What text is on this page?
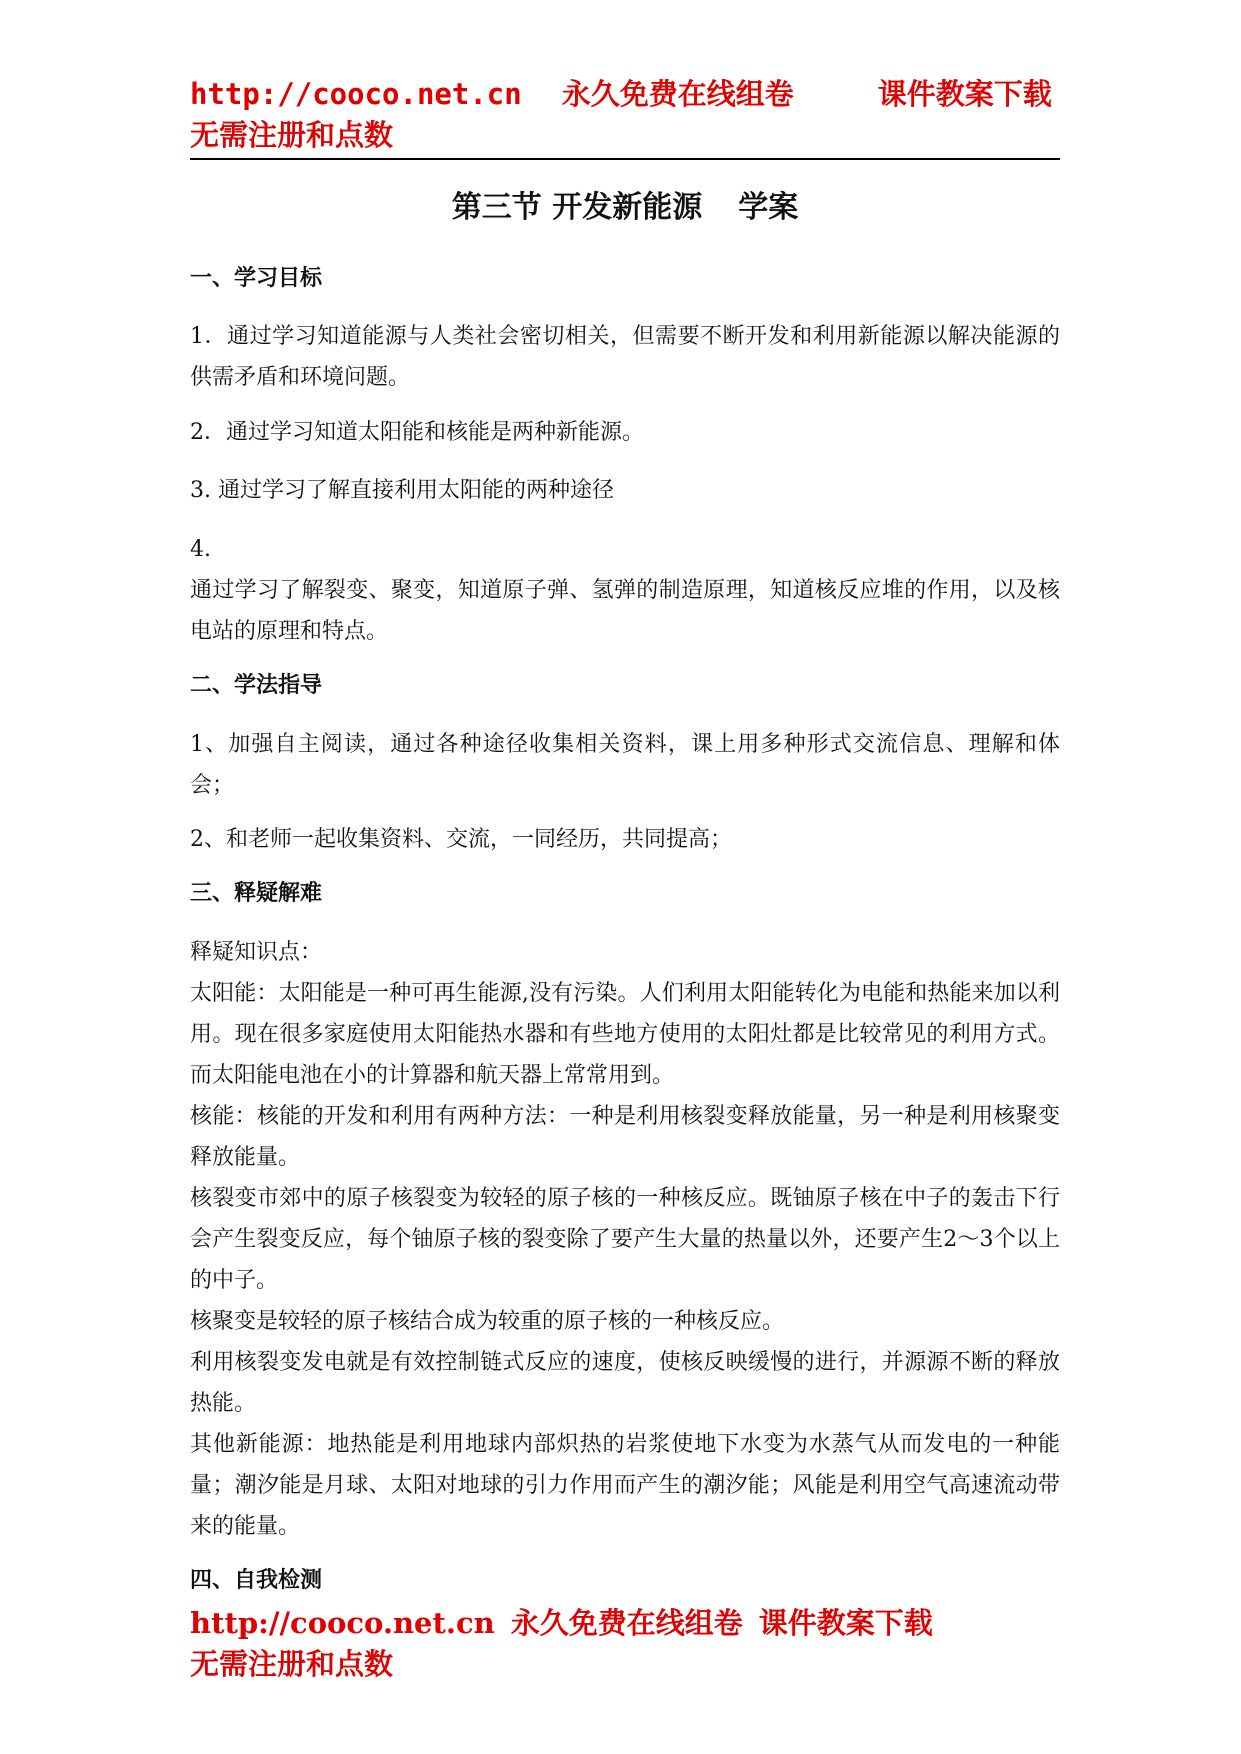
http://cooco.net.cn 永久免费在线组卷	课件教案下载
无需注册和点数
第三节 开发新能源 学案
一、学习目标
1．通过学习知道能源与人类社会密切相关，但需要不断开发和利用新能源以解决能源的供需矛盾和环境问题。
2．通过学习知道太阳能和核能是两种新能源。
3. 通过学习了解直接利用太阳能的两种途径
4.
通过学习了解裂变、聚变，知道原子弹、氢弹的制造原理，知道核反应堆的作用，以及核电站的原理和特点。
二、学法指导
1、加强自主阅读，通过各种途径收集相关资料，课上用多种形式交流信息、理解和体会；
2、和老师一起收集资料、交流，一同经历，共同提高；
三、释疑解难
释疑知识点：
太阳能：太阳能是一种可再生能源,没有污染。人们利用太阳能转化为电能和热能来加以利用。现在很多家庭使用太阳能热水器和有些地方使用的太阳灶都是比较常见的利用方式。而太阳能电池在小的计算器和航天器上常常用到。
核能：核能的开发和利用有两种方法：一种是利用核裂变释放能量，另一种是利用核聚变释放能量。
核裂变市郊中的原子核裂变为较轻的原子核的一种核反应。既铀原子核在中子的轰击下行会产生裂变反应，每个铀原子核的裂变除了要产生大量的热量以外，还要产生2～3个以上的中子。
核聚变是较轻的原子核结合成为较重的原子核的一种核反应。
利用核裂变发电就是有效控制链式反应的速度，使核反映缓慢的进行，并源源不断的释放热能。
其他新能源：地热能是利用地球内部炽热的岩浆使地下水变为水蒸气从而发电的一种能量；潮汐能是月球、太阳对地球的引力作用而产生的潮汐能；风能是利用空气高速流动带来的能量。
四、自我检测
http://cooco.net.cn 永久免费在线组卷 课件教案下载
无需注册和点数
